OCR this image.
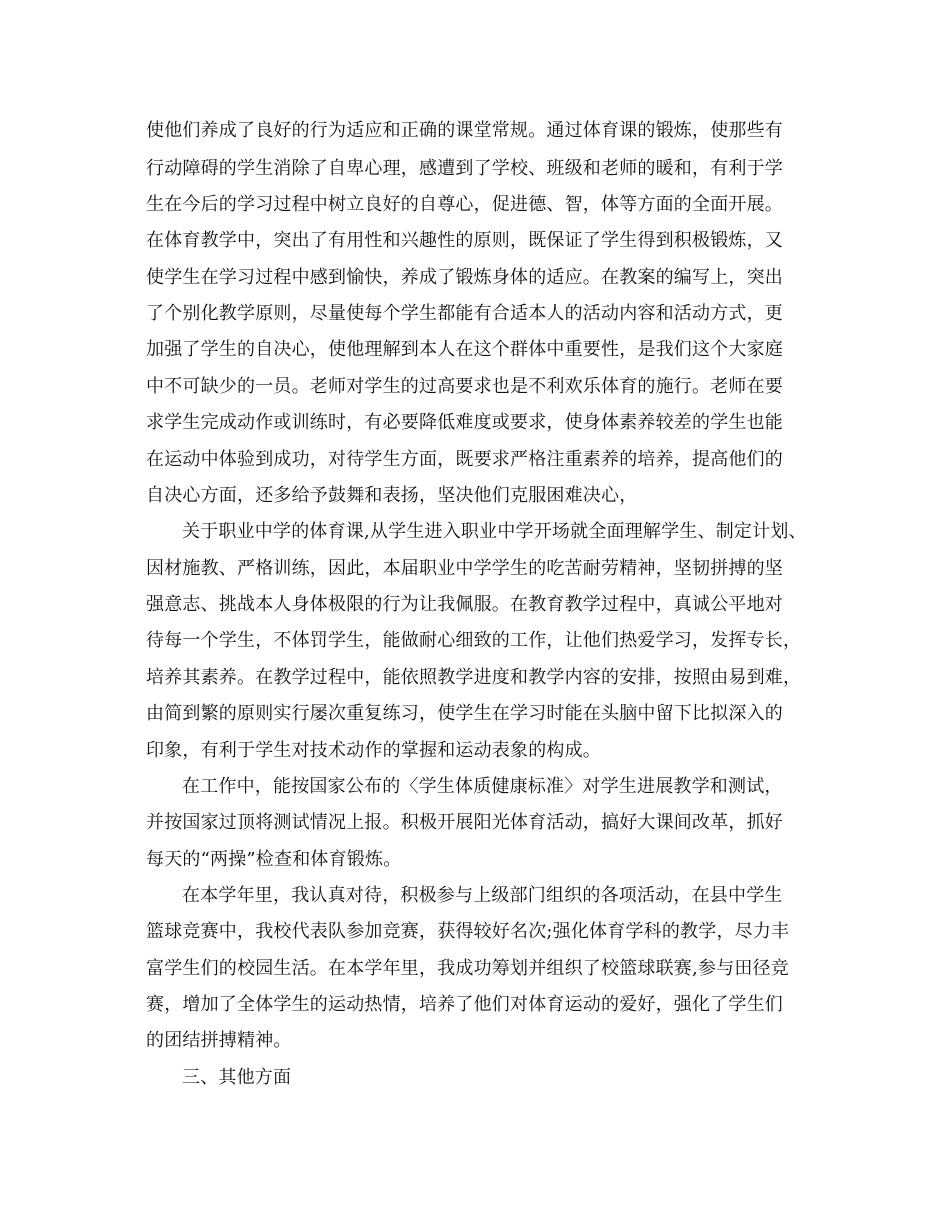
使他们养成了良好的行为适应和正确的课堂常规。通过体育课的锻炼，使那些有
行动障碍的学生消除了自卑心理，感遭到了学校、班级和老师的暖和，有利于学
生在今后的学习过程中树立良好的自尊心，促进德、智，体等方面的全面开展。
在体育教学中，突出了有用性和兴趣性的原则，既保证了学生得到积极锻炼，又
使学生在学习过程中感到愉快，养成了锻炼身体的适应。在教案的编写上，突出
了个别化教学原则，尽量使每个学生都能有合适本人的活动内容和活动方式，更
加强了学生的自决心，使他理解到本人在这个群体中重要性，是我们这个大家庭
中不可缺少的一员。老师对学生的过高要求也是不利欢乐体育的施行。老师在要
求学生完成动作或训练时，有必要降低难度或要求，使身体素养较差的学生也能
在运动中体验到成功，对待学生方面，既要求严格注重素养的培养，提高他们的
自决心方面，还多给予鼓舞和表扬，坚决他们克服困难决心，
关于职业中学的体育课,从学生进入职业中学开场就全面理解学生、制定计划、
因材施教、严格训练，因此，本届职业中学学生的吃苦耐劳精神，坚韧拼搏的坚
强意志、挑战本人身体极限的行为让我佩服。在教育教学过程中，真诚公平地对
待每一个学生，不体罚学生，能做耐心细致的工作，让他们热爱学习，发挥专长，
培养其素养。在教学过程中，能依照教学进度和教学内容的安排，按照由易到难，
由简到繁的原则实行屡次重复练习，使学生在学习时能在头脑中留下比拟深入的
印象，有利于学生对技术动作的掌握和运动表象的构成。
在工作中，能按国家公布的〈学生体质健康标准〉对学生进展教学和测试，
并按国家过顶将测试情况上报。积极开展阳光体育活动，搞好大课间改革，抓好
每天的“两操”检查和体育锻炼。
在本学年里，我认真对待，积极参与上级部门组织的各项活动，在县中学生
篮球竞赛中，我校代表队参加竞赛，获得较好名次;强化体育学科的教学，尽力丰
富学生们的校园生活。在本学年里，我成功筹划并组织了校篮球联赛,参与田径竞
赛，增加了全体学生的运动热情，培养了他们对体育运动的爱好，强化了学生们
的团结拼搏精神。
三、其他方面
